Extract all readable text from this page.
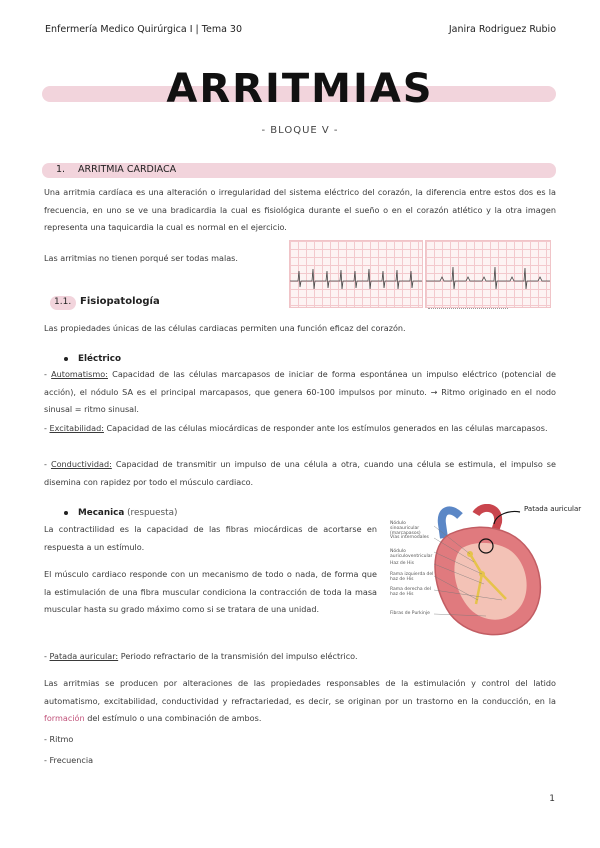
Enfermería Medico Quirúrgica I | Tema 30	Janira Rodriguez Rubio
ARRITMIAS
- BLOQUE V -
1. ARRITMIA CARDIACA
Una arritmia cardíaca es una alteración o irregularidad del sistema eléctrico del corazón, la diferencia entre estos dos es la frecuencia, en uno se ve una bradicardia la cual es fisiológica durante el sueño o en el corazón atlético y la otra imagen representa una taquicardia la cual es normal en el ejercicio.
Las arritmias no tienen porqué ser todas malas.
1.1. Fisiopatología
Las propiedades únicas de las células cardiacas permiten una función eficaz del corazón.
Eléctrico
- Automatismo: Capacidad de las células marcapasos de iniciar de forma espontánea un impulso eléctrico (potencial de acción), el nódulo SA es el principal marcapasos, que genera 60-100 impulsos por minuto. → Ritmo originado en el nodo sinusal = ritmo sinusal.
- Excitabilidad: Capacidad de las células miocárdicas de responder ante los estímulos generados en las células marcapasos.
- Conductividad: Capacidad de transmitir un impulso de una célula a otra, cuando una célula se estimula, el impulso se disemina con rapidez por todo el músculo cardiaco.
Mecanica (respuesta)
La contractilidad es la capacidad de las fibras miocárdicas de acortarse en respuesta a un estímulo.
El músculo cardiaco responde con un mecanismo de todo o nada, de forma que la estimulación de una fibra muscular condiciona la contracción de toda la masa muscular hasta su grado máximo como si se tratara de una unidad.
Nódulo sinoauricular (marcapasos)
Vías internodales
Nódulo auriculoventricular
Haz de His
Rama izquierda del haz de His
Rama derecha del haz de His
Fibras de Purkinje
Patada auricular
- Patada auricular: Periodo refractario de la transmisión del impulso eléctrico.
Las arritmias se producen por alteraciones de las propiedades responsables de la estimulación y control del latido automatismo, excitabilidad, conductividad y refractariedad, es decir, se originan por un trastorno en la conducción, en la formación del estímulo o una combinación de ambos.
- Ritmo
- Frecuencia
1
